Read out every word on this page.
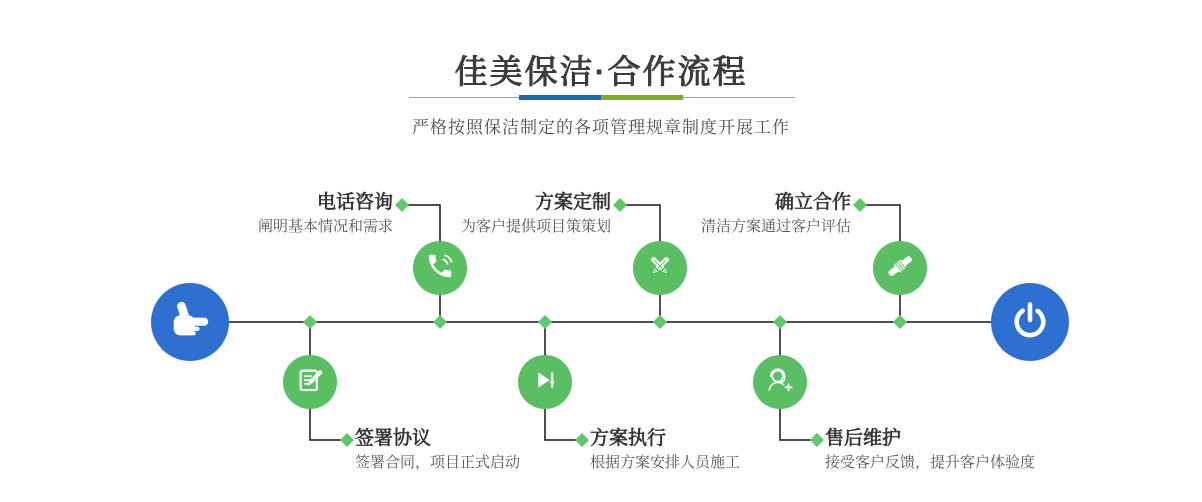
佳美保洁·合作流程

严格按照保洁制定的各项管理规章制度开展工作

电话咨询

阐明基本情况和需求

方案定制

为客户提供项目策策划

确立合作

清洁方案通过客户评估

签署协议

签署合同，项目正式启动

方案执行

根据方案安排人员施工

售后维护

接受客户反馈，提升客户体验度
